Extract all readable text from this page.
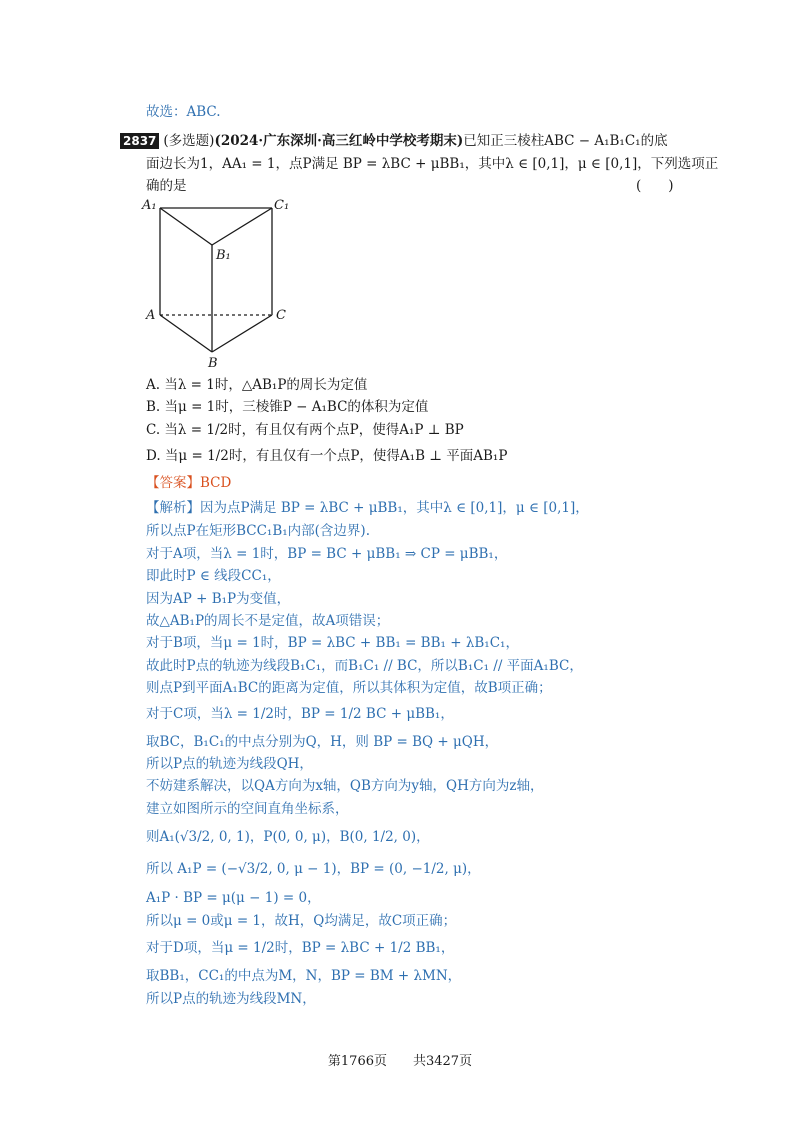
故选：ABC.
2837 (多选题)(2024·广东深圳·高三红岭中学校考期末)已知正三棱柱ABC − A₁B₁C₁的底
面边长为1，AA₁ = 1，点P满足 BP = λBC + μBB₁，其中λ ∈ [0,1]，μ ∈ [0,1]，下列选项正
确的是	(　　)
A₁	C₁
B₁
A	C
B
A. 当λ = 1时，△AB₁P的周长为定值
B. 当μ = 1时，三棱锥P − A₁BC的体积为定值
C. 当λ = 1/2时，有且仅有两个点P，使得A₁P ⊥ BP
D. 当μ = 1/2时，有且仅有一个点P，使得A₁B ⊥ 平面AB₁P
【答案】BCD
【解析】因为点P满足 BP = λBC + μBB₁，其中λ ∈ [0,1]，μ ∈ [0,1]，
所以点P在矩形BCC₁B₁内部(含边界).
对于A项，当λ = 1时，BP = BC + μBB₁ ⇒ CP = μBB₁，
即此时P ∈ 线段CC₁，
因为AP + B₁P为变值，
故△AB₁P的周长不是定值，故A项错误；
对于B项，当μ = 1时，BP = λBC + BB₁ = BB₁ + λB₁C₁，
故此时P点的轨迹为线段B₁C₁，而B₁C₁ // BC，所以B₁C₁ // 平面A₁BC，
则点P到平面A₁BC的距离为定值，所以其体积为定值，故B项正确；
对于C项，当λ = 1/2时，BP = 1/2 BC + μBB₁，
取BC，B₁C₁的中点分别为Q，H，则 BP = BQ + μQH，
所以P点的轨迹为线段QH，
不妨建系解决，以QA方向为x轴，QB方向为y轴，QH方向为z轴，
建立如图所示的空间直角坐标系，
则A₁(√3/2, 0, 1)，P(0, 0, μ)，B(0, 1/2, 0)，
所以 A₁P = (−√3/2, 0, μ − 1)，BP = (0, −1/2, μ)，
A₁P · BP = μ(μ − 1) = 0，
所以μ = 0或μ = 1，故H，Q均满足，故C项正确；
对于D项，当μ = 1/2时，BP = λBC + 1/2 BB₁，
取BB₁，CC₁的中点为M，N，BP = BM + λMN，
所以P点的轨迹为线段MN，
第1766页　　共3427页
